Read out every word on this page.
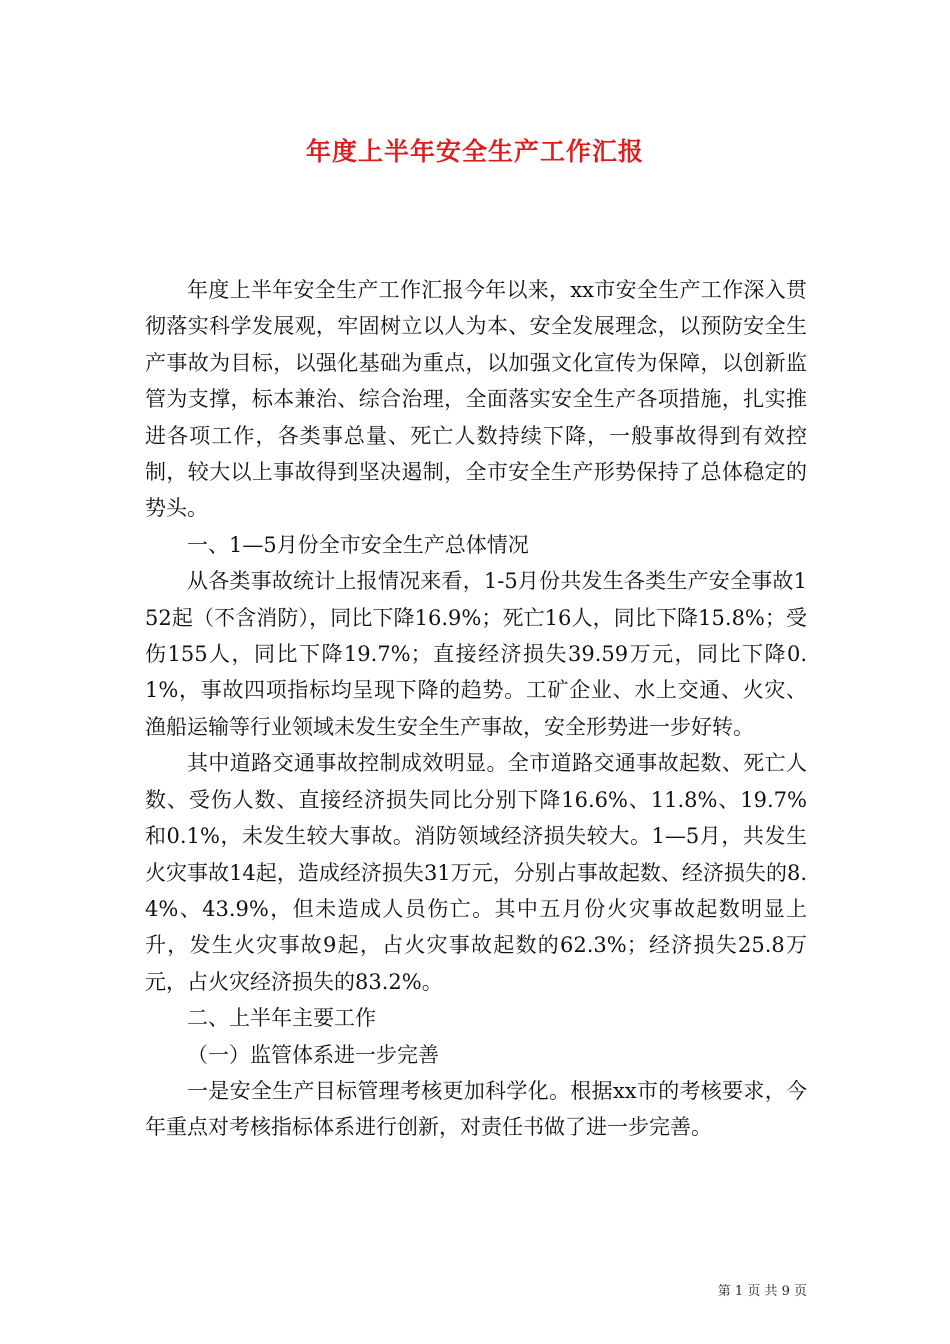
年度上半年安全生产工作汇报

年度上半年安全生产工作汇报今年以来，xx市安全生产工作深入贯彻落实科学发展观，牢固树立以人为本、安全发展理念，以预防安全生产事故为目标，以强化基础为重点，以加强文化宣传为保障，以创新监管为支撑，标本兼治、综合治理，全面落实安全生产各项措施，扎实推进各项工作，各类事总量、死亡人数持续下降，一般事故得到有效控制，较大以上事故得到坚决遏制，全市安全生产形势保持了总体稳定的势头。

一、1—5月份全市安全生产总体情况

从各类事故统计上报情况来看，1-5月份共发生各类生产安全事故152起（不含消防），同比下降16.9%；死亡16人，同比下降15.8%；受伤155人，同比下降19.7%；直接经济损失39.59万元，同比下降0.1%，事故四项指标均呈现下降的趋势。工矿企业、水上交通、火灾、渔船运输等行业领域未发生安全生产事故，安全形势进一步好转。

其中道路交通事故控制成效明显。全市道路交通事故起数、死亡人数、受伤人数、直接经济损失同比分别下降16.6%、11.8%、19.7%和0.1%，未发生较大事故。消防领域经济损失较大。1—5月，共发生火灾事故14起，造成经济损失31万元，分别占事故起数、经济损失的8.4%、43.9%，但未造成人员伤亡。其中五月份火灾事故起数明显上升，发生火灾事故9起，占火灾事故起数的62.3%；经济损失25.8万元，占火灾经济损失的83.2%。

二、上半年主要工作

（一）监管体系进一步完善

一是安全生产目标管理考核更加科学化。根据xx市的考核要求，今年重点对考核指标体系进行创新，对责任书做了进一步完善。

第 1 页 共 9 页
